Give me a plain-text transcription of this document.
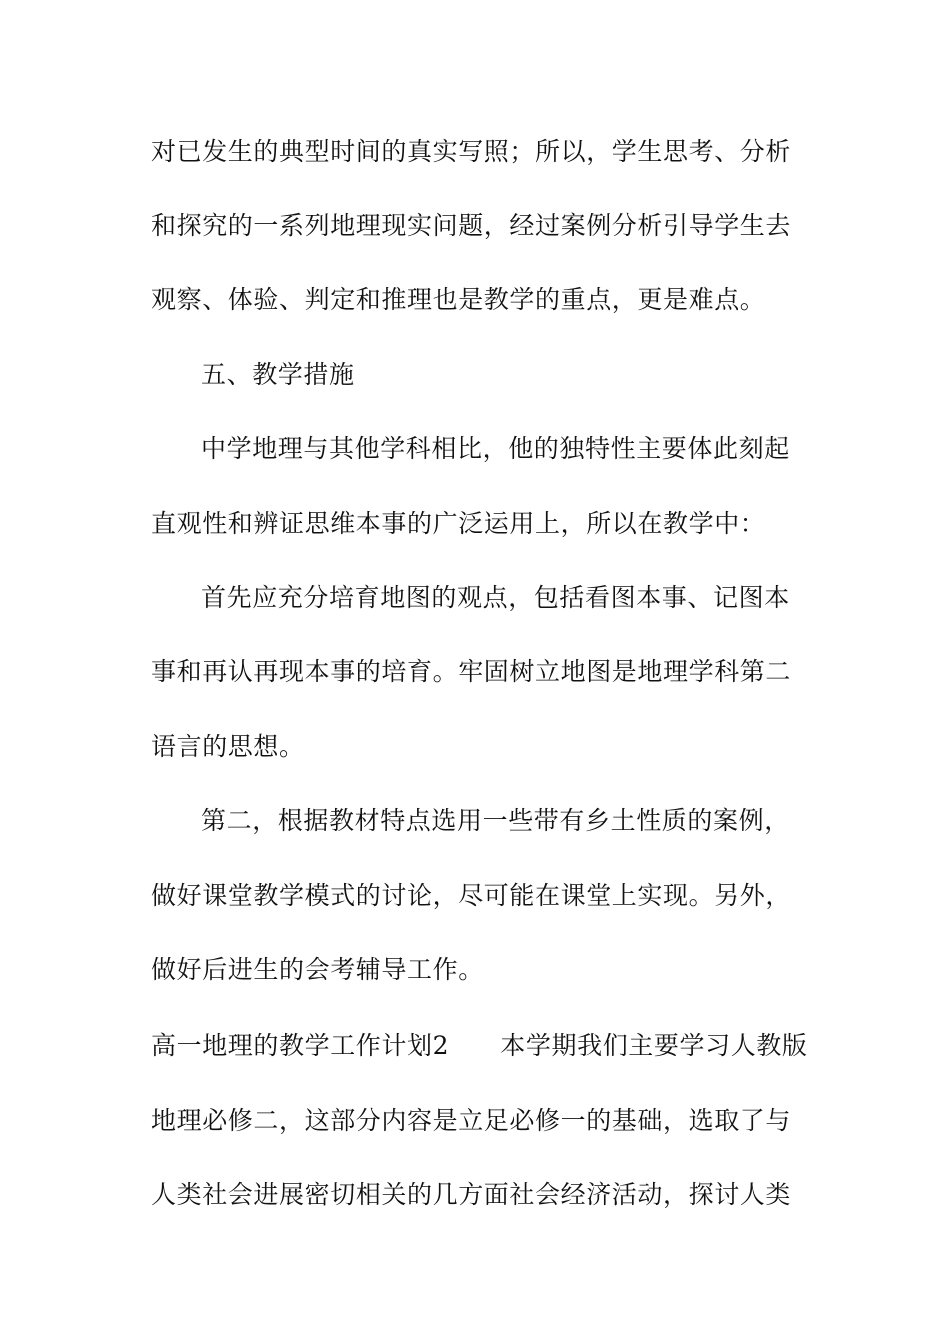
对已发生的典型时间的真实写照；所以，学生思考、分析
和探究的一系列地理现实问题，经过案例分析引导学生去
观察、体验、判定和推理也是教学的重点，更是难点。
五、教学措施
中学地理与其他学科相比，他的独特性主要体此刻起
直观性和辨证思维本事的广泛运用上，所以在教学中：
首先应充分培育地图的观点，包括看图本事、记图本
事和再认再现本事的培育。牢固树立地图是地理学科第二
语言的思想。
第二，根据教材特点选用一些带有乡土性质的案例，
做好课堂教学模式的讨论，尽可能在课堂上实现。另外，
做好后进生的会考辅导工作。
高一地理的教学工作计划2　　本学期我们主要学习人教版
地理必修二，这部分内容是立足必修一的基础，选取了与
人类社会进展密切相关的几方面社会经济活动，探讨人类
